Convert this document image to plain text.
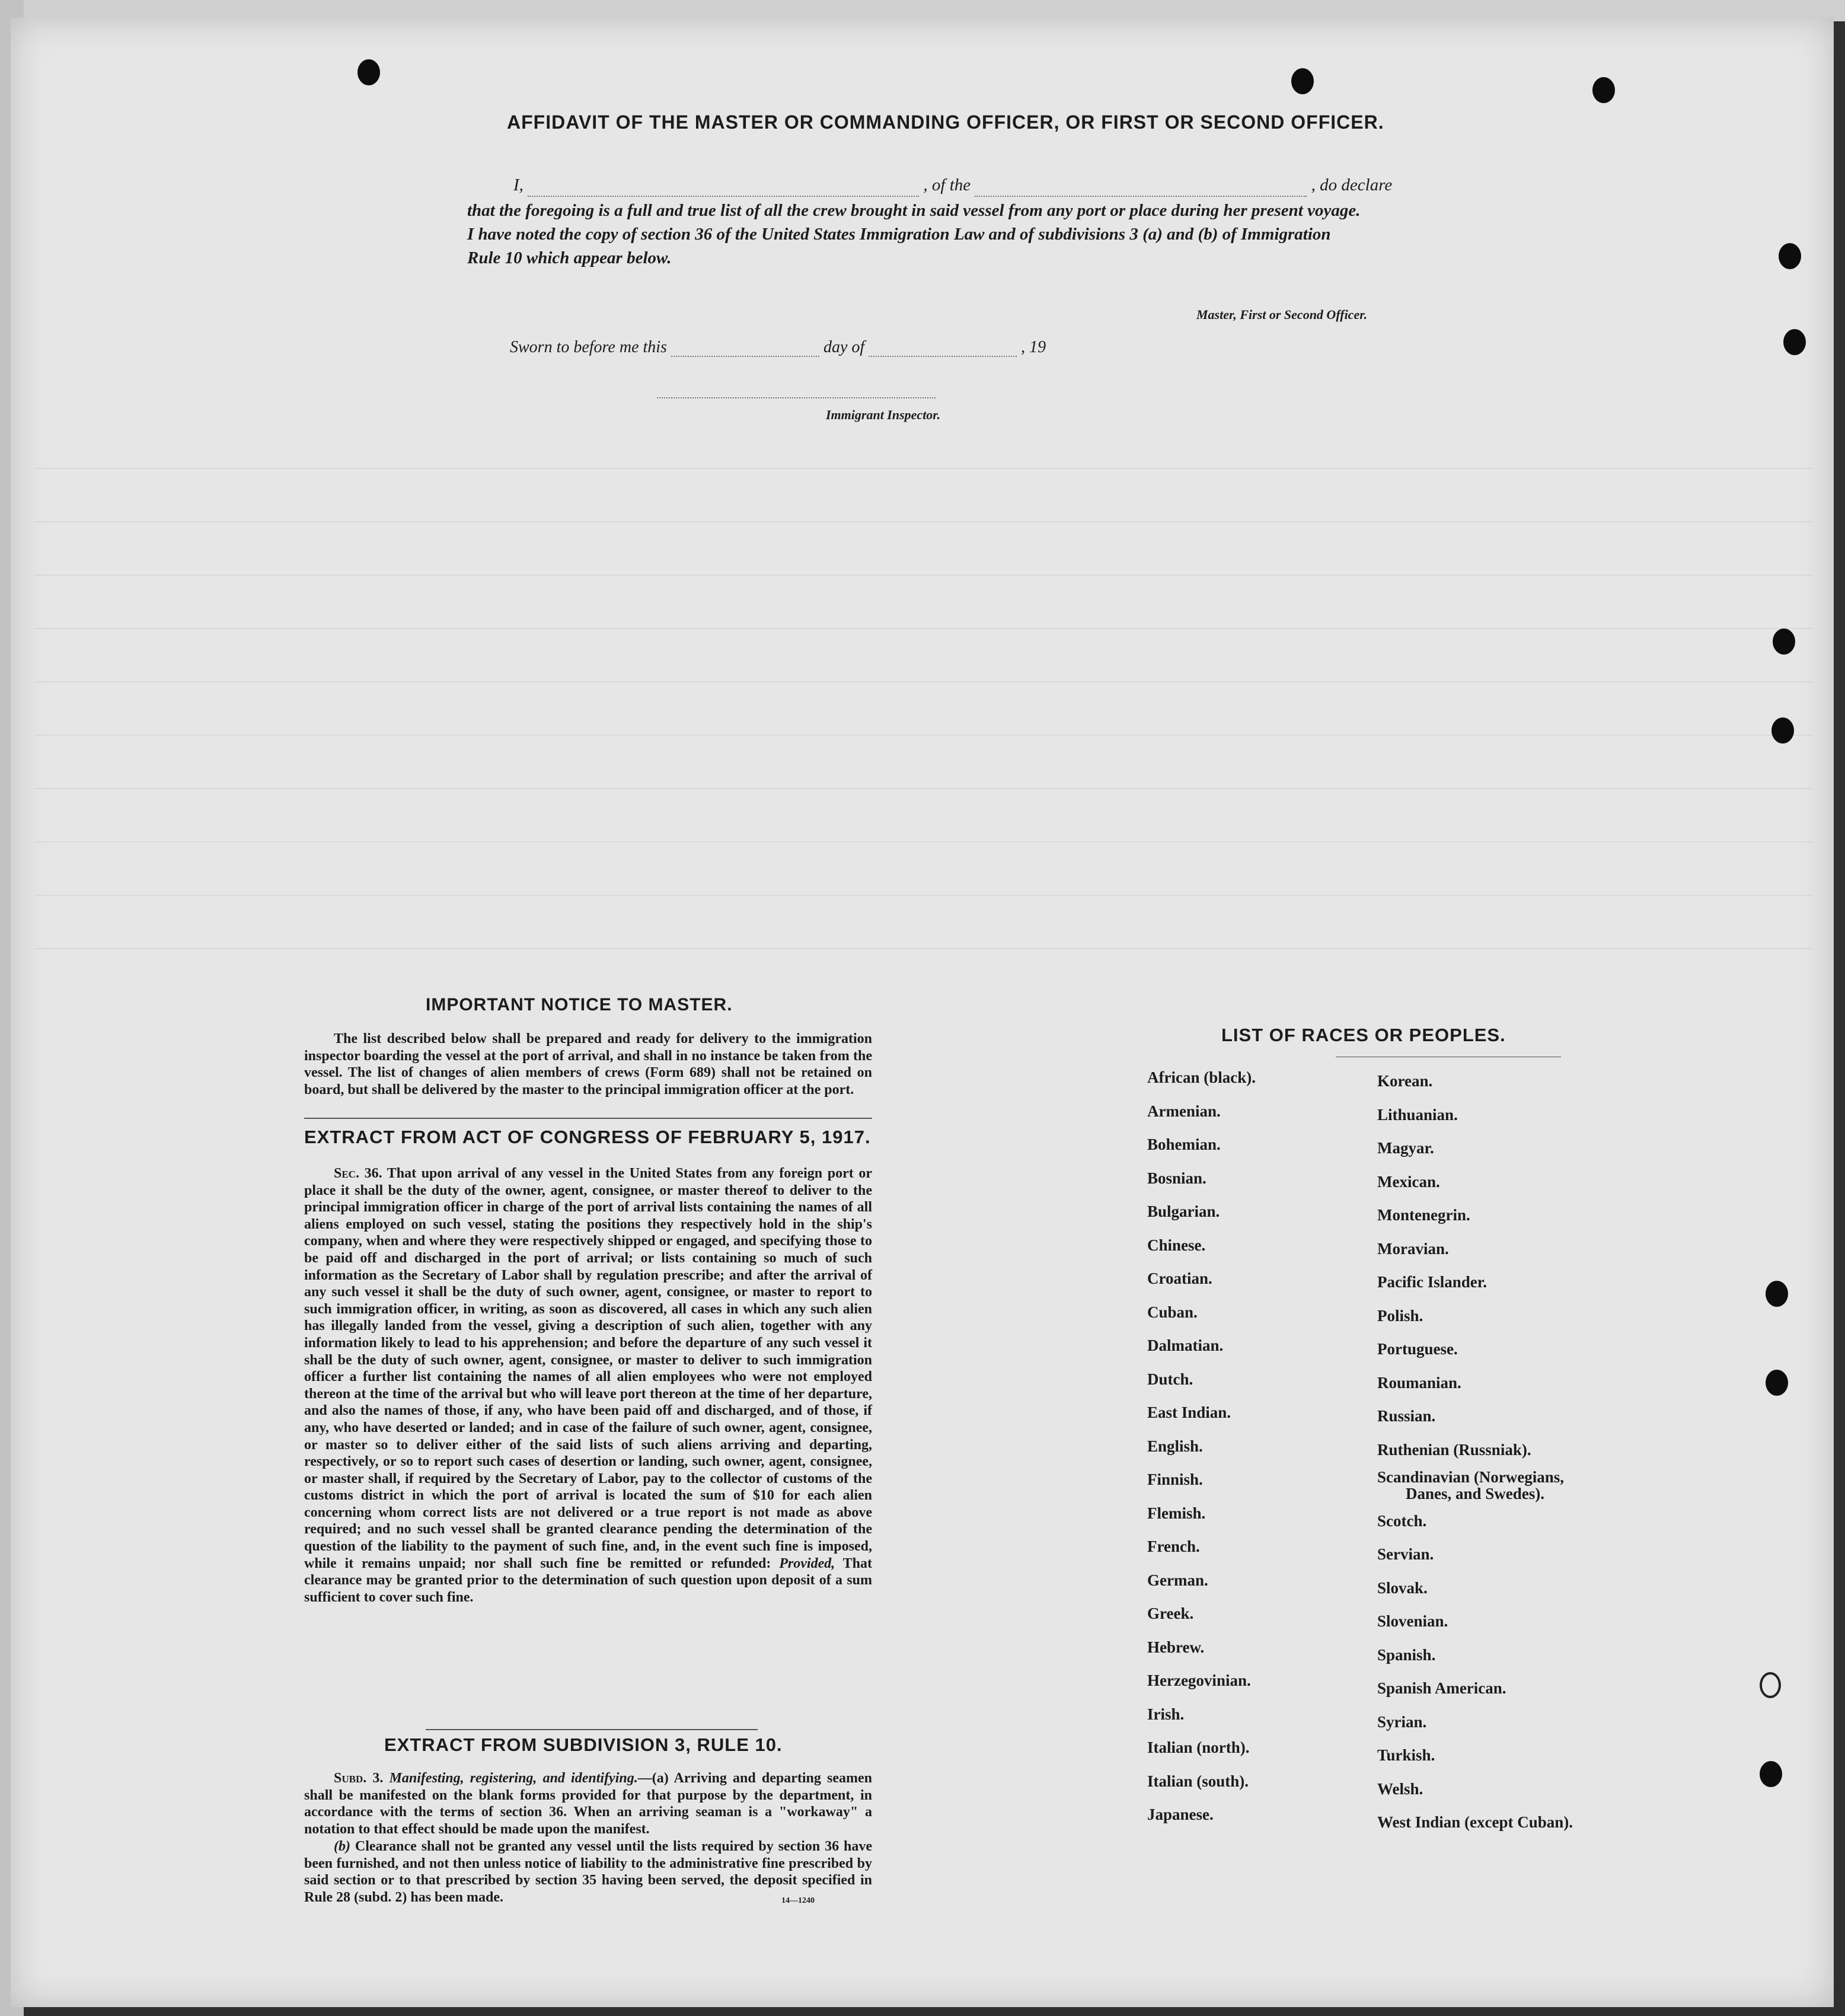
AFFIDAVIT OF THE MASTER OR COMMANDING OFFICER, OR FIRST OR SECOND OFFICER.
I,	, of the	, do declare
that the foregoing is a full and true list of all the crew brought in said vessel from any port or place during her present voyage.
I have noted the copy of section 36 of the United States Immigration Law and of subdivisions 3 (a) and (b) of Immigration
Rule 10 which appear below.
Master, First or Second Officer.
Sworn to before me this	day of	, 19
Immigrant Inspector.
IMPORTANT NOTICE TO MASTER.
The list described below shall be prepared and ready for delivery to the immigration inspector boarding the vessel at the port of arrival, and shall in no instance be taken from the vessel. The list of changes of alien members of crews (Form 689) shall not be retained on board, but shall be delivered by the master to the principal immigration officer at the port.
EXTRACT FROM ACT OF CONGRESS OF FEBRUARY 5, 1917.
Sec. 36. That upon arrival of any vessel in the United States from any foreign port or place it shall be the duty of the owner, agent, consignee, or master thereof to deliver to the principal immigration officer in charge of the port of arrival lists containing the names of all aliens employed on such vessel, stating the positions they respectively hold in the ship's company, when and where they were respectively shipped or engaged, and specifying those to be paid off and discharged in the port of arrival; or lists containing so much of such information as the Secretary of Labor shall by regulation prescribe; and after the arrival of any such vessel it shall be the duty of such owner, agent, consignee, or master to report to such immigration officer, in writing, as soon as discovered, all cases in which any such alien has illegally landed from the vessel, giving a description of such alien, together with any information likely to lead to his apprehension; and before the departure of any such vessel it shall be the duty of such owner, agent, consignee, or master to deliver to such immigration officer a further list containing the names of all alien employees who were not employed thereon at the time of the arrival but who will leave port thereon at the time of her departure, and also the names of those, if any, who have been paid off and discharged, and of those, if any, who have deserted or landed; and in case of the failure of such owner, agent, consignee, or master so to deliver either of the said lists of such aliens arriving and departing, respectively, or so to report such cases of desertion or landing, such owner, agent, consignee, or master shall, if required by the Secretary of Labor, pay to the collector of customs of the customs district in which the port of arrival is located the sum of $10 for each alien concerning whom correct lists are not delivered or a true report is not made as above required; and no such vessel shall be granted clearance pending the determination of the question of the liability to the payment of such fine, and, in the event such fine is imposed, while it remains unpaid; nor shall such fine be remitted or refunded: Provided, That clearance may be granted prior to the determination of such question upon deposit of a sum sufficient to cover such fine.
EXTRACT FROM SUBDIVISION 3, RULE 10.
Subd. 3. Manifesting, registering, and identifying.—(a) Arriving and departing seamen shall be manifested on the blank forms provided for that purpose by the department, in accordance with the terms of section 36. When an arriving seaman is a "workaway" a notation to that effect should be made upon the manifest.
(b) Clearance shall not be granted any vessel until the lists required by section 36 have been furnished, and not then unless notice of liability to the administrative fine prescribed by said section or to that prescribed by section 35 having been served, the deposit specified in Rule 28 (subd. 2) has been made.	14—1240
LIST OF RACES OR PEOPLES.
African (black).
Armenian.
Bohemian.
Bosnian.
Bulgarian.
Chinese.
Croatian.
Cuban.
Dalmatian.
Dutch.
East Indian.
English.
Finnish.
Flemish.
French.
German.
Greek.
Hebrew.
Herzegovinian.
Irish.
Italian (north).
Italian (south).
Japanese.
Korean.
Lithuanian.
Magyar.
Mexican.
Montenegrin.
Moravian.
Pacific Islander.
Polish.
Portuguese.
Roumanian.
Russian.
Ruthenian (Russniak).
Scandinavian (Norwegians,
Danes, and Swedes).
Scotch.
Servian.
Slovak.
Slovenian.
Spanish.
Spanish American.
Syrian.
Turkish.
Welsh.
West Indian (except Cuban).
